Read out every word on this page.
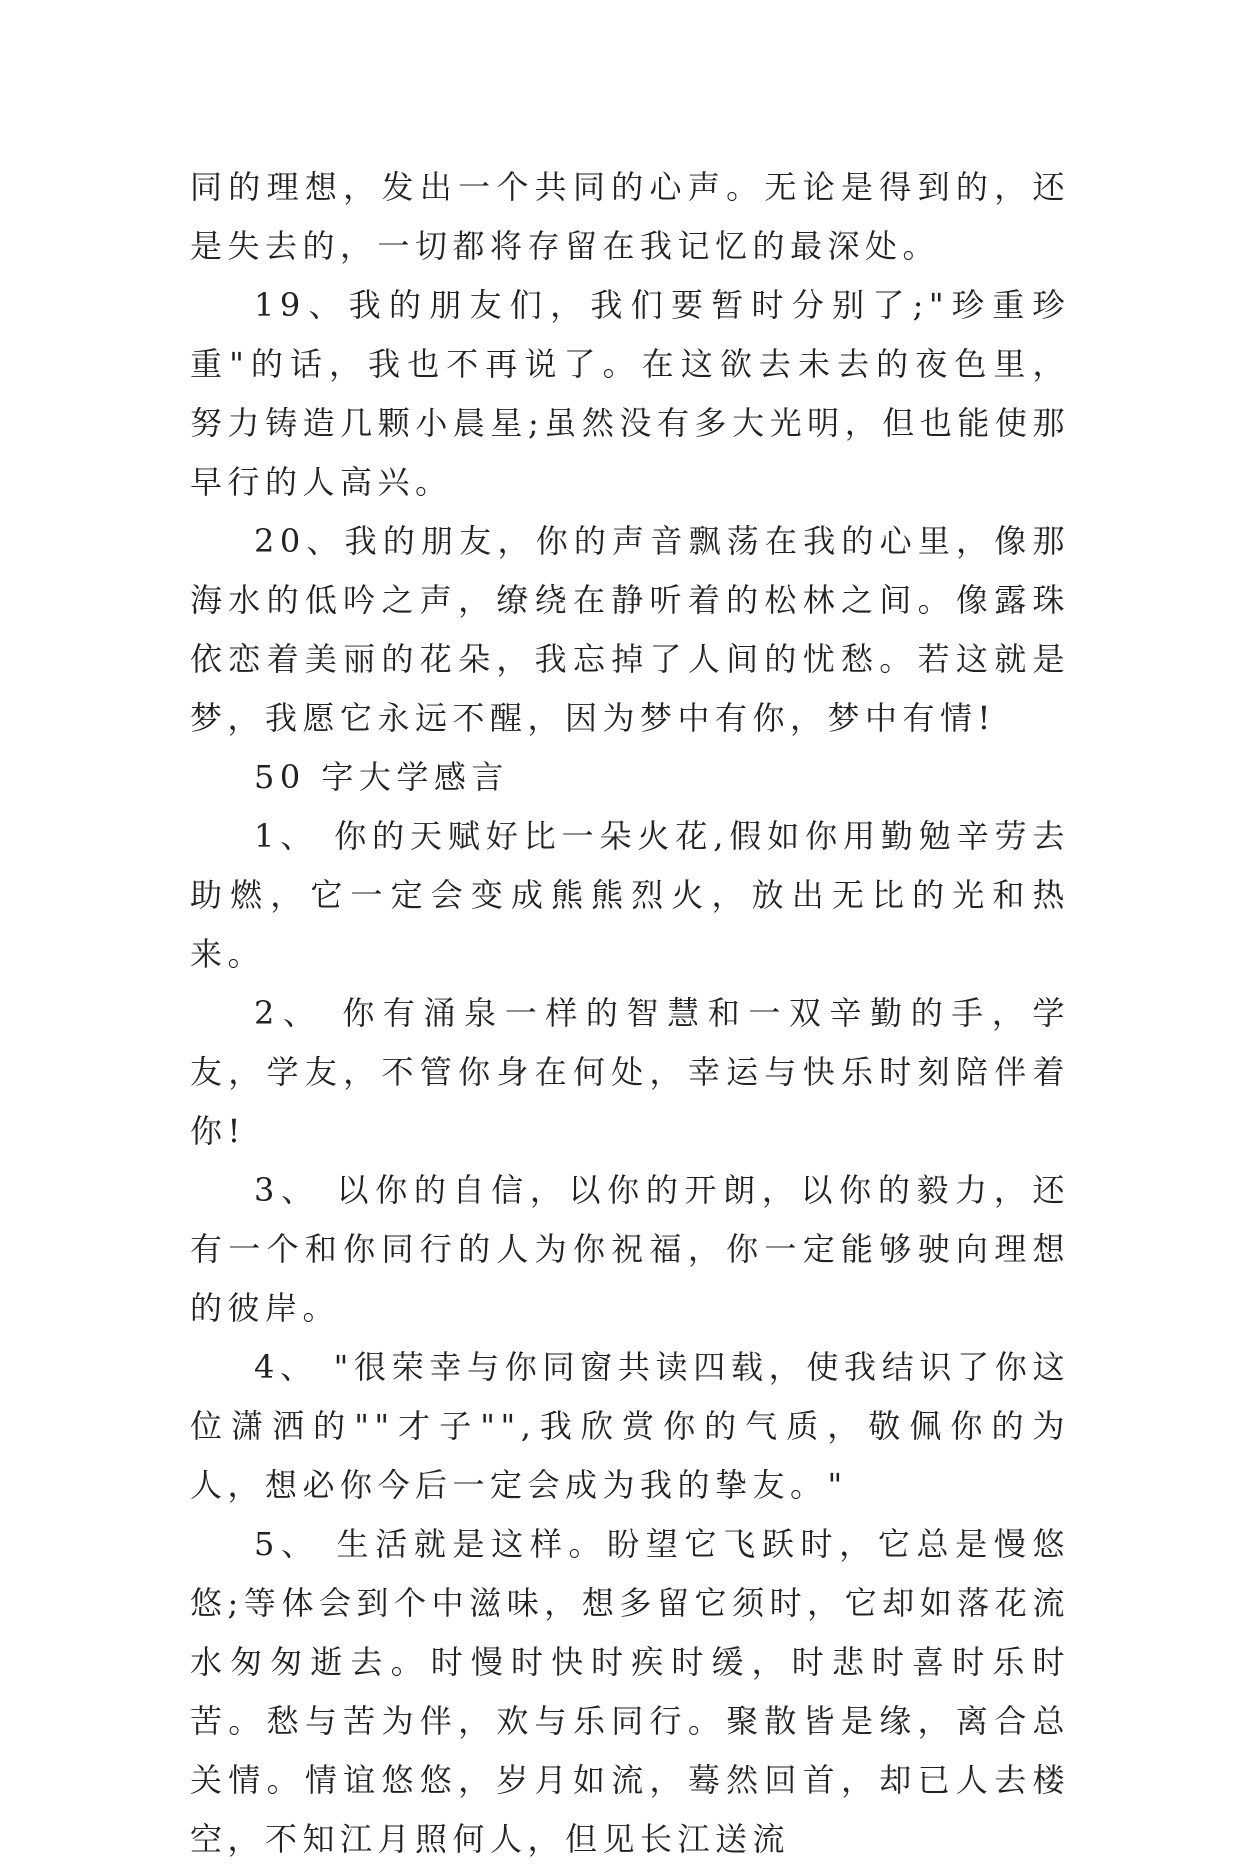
同的理想，发出一个共同的心声。无论是得到的，还是失去的，一切都将存留在我记忆的最深处。

19、我的朋友们，我们要暂时分别了;"珍重珍重"的话，我也不再说了。在这欲去未去的夜色里，努力铸造几颗小晨星;虽然没有多大光明，但也能使那早行的人高兴。

20、我的朋友，你的声音飘荡在我的心里，像那海水的低吟之声，缭绕在静听着的松林之间。像露珠依恋着美丽的花朵，我忘掉了人间的忧愁。若这就是梦，我愿它永远不醒，因为梦中有你，梦中有情!

50 字大学感言

1、 你的天赋好比一朵火花,假如你用勤勉辛劳去助燃，它一定会变成熊熊烈火，放出无比的光和热来。

2、 你有涌泉一样的智慧和一双辛勤的手，学友，学友，不管你身在何处，幸运与快乐时刻陪伴着你!

3、 以你的自信，以你的开朗，以你的毅力，还有一个和你同行的人为你祝福，你一定能够驶向理想的彼岸。

4、 "很荣幸与你同窗共读四载，使我结识了你这位潇洒的""才子"",我欣赏你的气质，敬佩你的为人，想必你今后一定会成为我的挚友。"

5、 生活就是这样。盼望它飞跃时，它总是慢悠悠;等体会到个中滋味，想多留它须时，它却如落花流水匆匆逝去。时慢时快时疾时缓，时悲时喜时乐时苦。愁与苦为伴，欢与乐同行。聚散皆是缘，离合总关情。情谊悠悠，岁月如流，蓦然回首，却已人去楼空，不知江月照何人，但见长江送流
